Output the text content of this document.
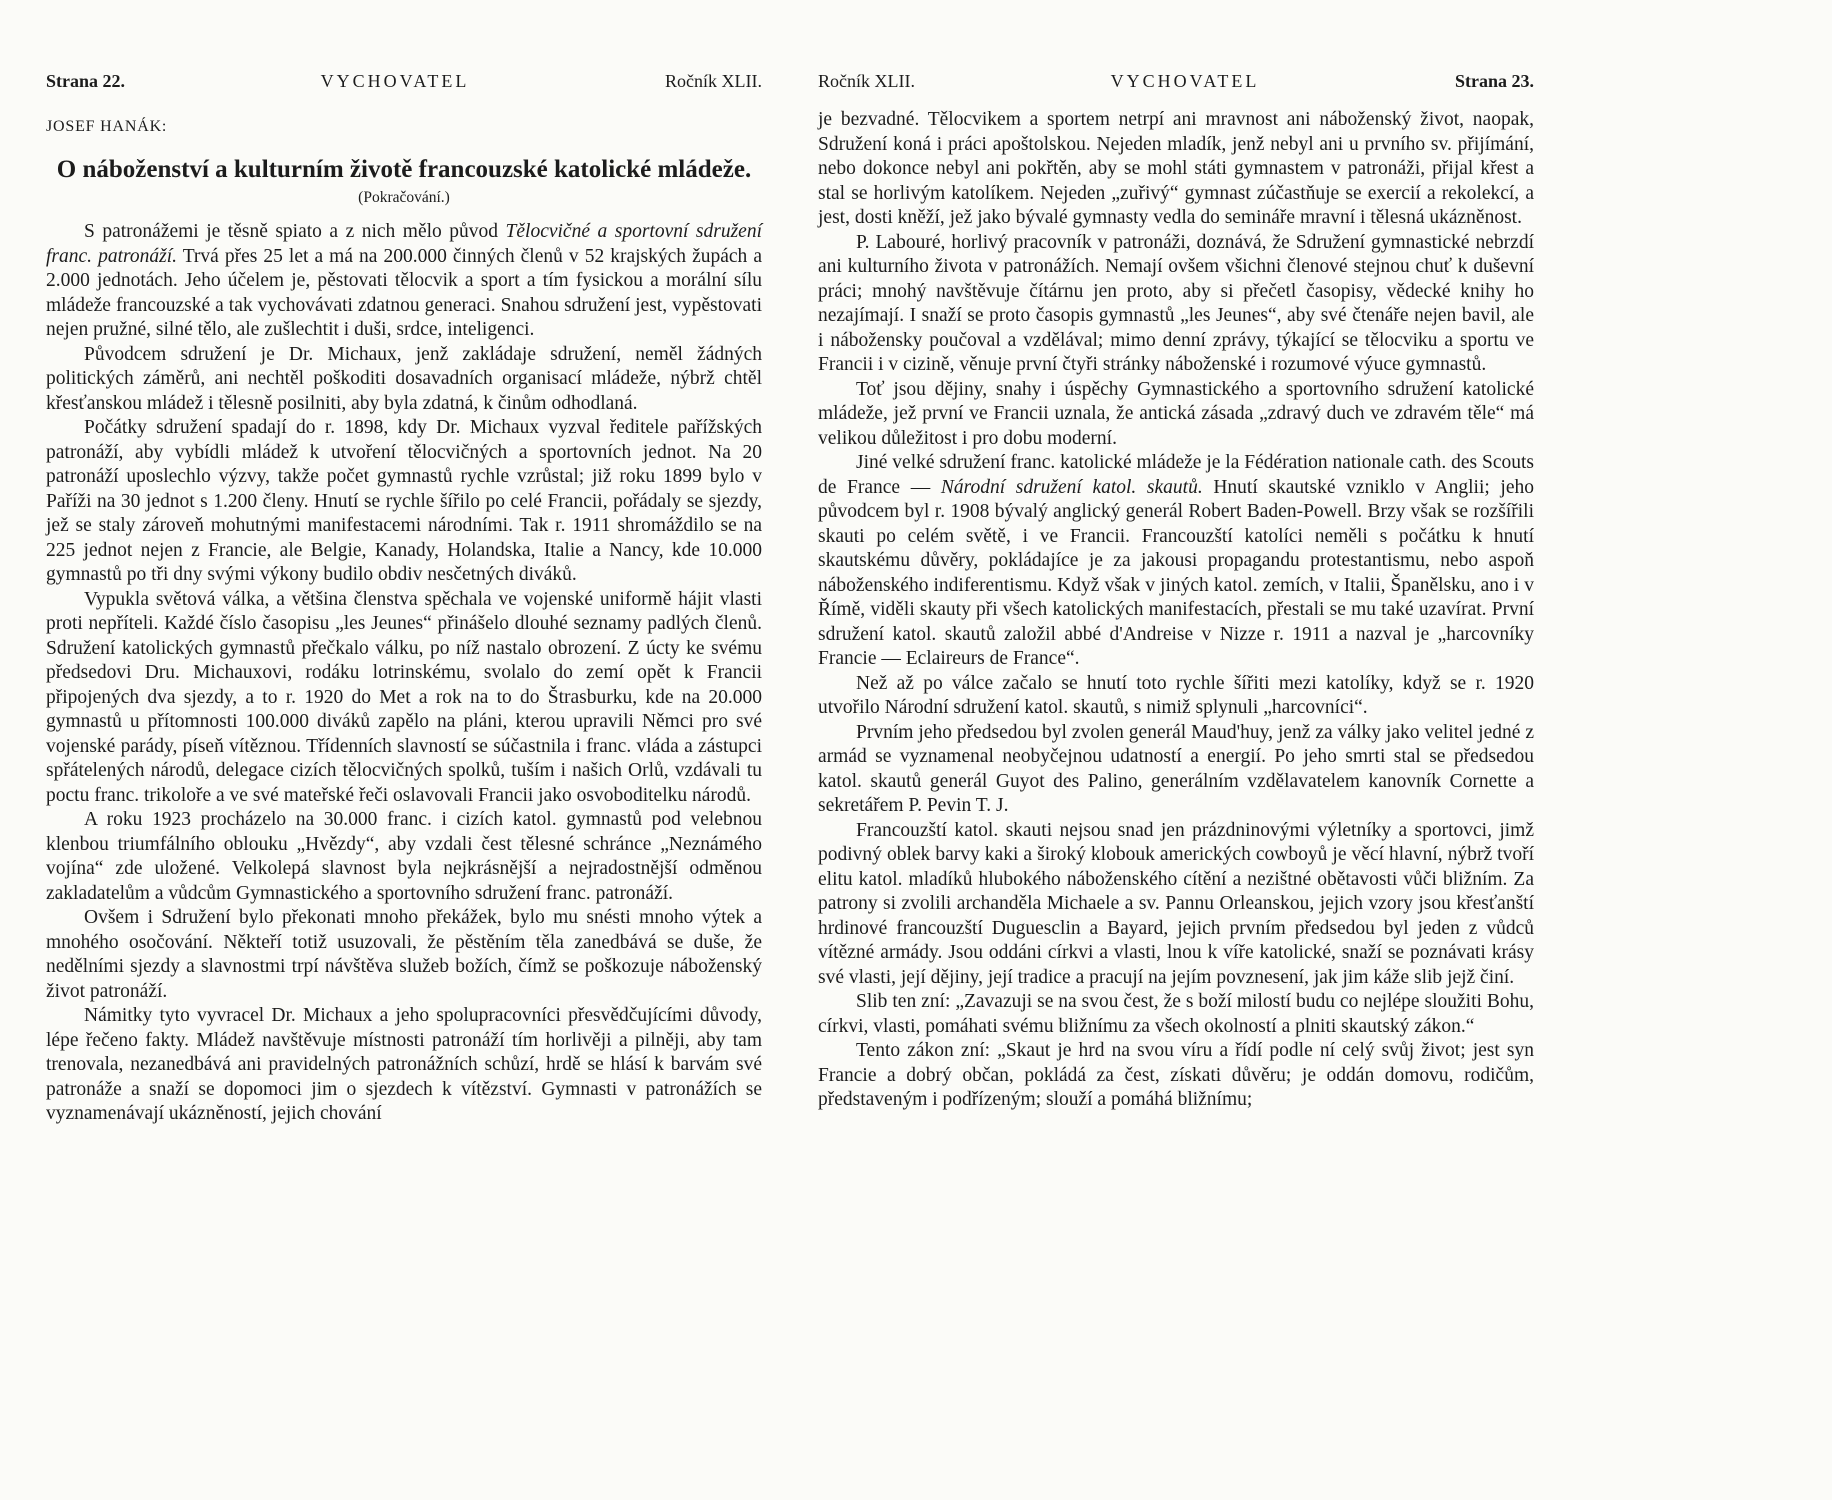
Strana 22.	VYCHOVATEL	Ročník XLII.
JOSEF HANÁK:
O náboženství a kulturním životě francouzské katolické mládeže.
(Pokračování.)

S patronážemi je těsně spiato a z nich mělo původ Tělocvičné a sportovní sdružení franc. patronáží. Trvá přes 25 let a má na 200.000 činných členů v 52 krajských župách a 2.000 jednotách. Jeho účelem je, pěstovati tělocvik a sport a tím fysickou a morální sílu mládeže francouzské a tak vychovávati zdatnou generaci. Snahou sdružení jest, vypěstovati nejen pružné, silné tělo, ale zušlechtit i duši, srdce, inteligenci.

Původcem sdružení je Dr. Michaux, jenž zakládaje sdružení, neměl žádných politických záměrů, ani nechtěl poškoditi dosavadních organisací mládeže, nýbrž chtěl křesťanskou mládež i tělesně posilniti, aby byla zdatná, k činům odhodlaná.

Počátky sdružení spadají do r. 1898, kdy Dr. Michaux vyzval ředitele pařížských patronáží, aby vybídli mládež k utvoření tělocvičných a sportovních jednot. Na 20 patronáží uposlechlo výzvy, takže počet gymnastů rychle vzrůstal; již roku 1899 bylo v Paříži na 30 jednot s 1.200 členy. Hnutí se rychle šířilo po celé Francii, pořádaly se sjezdy, jež se staly zároveň mohutnými manifestacemi národními. Tak r. 1911 shromáždilo se na 225 jednot nejen z Francie, ale Belgie, Kanady, Holandska, Italie a Nancy, kde 10.000 gymnastů po tři dny svými výkony budilo obdiv nesčetných diváků.

Vypukla světová válka, a většina členstva spěchala ve vojenské uniformě hájit vlasti proti nepříteli. Každé číslo časopisu „les Jeunes“ přinášelo dlouhé seznamy padlých členů. Sdružení katolických gymnastů přečkalo válku, po níž nastalo obrození. Z úcty ke svému předsedovi Dru. Michauxovi, rodáku lotrinskému, svolalo do zemí opět k Francii připojených dva sjezdy, a to r. 1920 do Met a rok na to do Štrasburku, kde na 20.000 gymnastů u přítomnosti 100.000 diváků zapělo na pláni, kterou upravili Němci pro své vojenské parády, píseň vítěznou. Třídenních slavností se súčastnila i franc. vláda a zástupci spřátelených národů, delegace cizích tělocvičných spolků, tuším i našich Orlů, vzdávali tu poctu franc. trikoloře a ve své mateřské řeči oslavovali Francii jako osvoboditelku národů.

A roku 1923 procházelo na 30.000 franc. i cizích katol. gymnastů pod velebnou klenbou triumfálního oblouku „Hvězdy“, aby vzdali čest tělesné schránce „Neznámého vojína“ zde uložené. Velkolepá slavnost byla nejkrásnější a nejradostnější odměnou zakladatelům a vůdcům Gymnastického a sportovního sdružení franc. patronáží.

Ovšem i Sdružení bylo překonati mnoho překážek, bylo mu snésti mnoho výtek a mnohého osočování. Někteří totiž usuzovali, že pěstěním těla zanedbává se duše, že nedělními sjezdy a slavnostmi trpí návštěva služeb božích, čímž se poškozuje náboženský život patronáží.

Námitky tyto vyvracel Dr. Michaux a jeho spolupracovníci přesvědčujícími důvody, lépe řečeno fakty. Mládež navštěvuje místnosti patronáží tím horlivěji a pilněji, aby tam trenovala, nezanedbává ani pravidelných patronážních schůzí, hrdě se hlásí k barvám své patronáže a snaží se dopomoci jim o sjezdech k vítězství. Gymnasti v patronážích se vyznamenávají ukázněností, jejich chování

Ročník XLII.	VYCHOVATEL	Strana 23.

je bezvadné. Tělocvikem a sportem netrpí ani mravnost ani náboženský život, naopak, Sdružení koná i práci apoštolskou. Nejeden mladík, jenž nebyl ani u prvního sv. přijímání, nebo dokonce nebyl ani pokřtěn, aby se mohl státi gymnastem v patronáži, přijal křest a stal se horlivým katolíkem. Nejeden „zuřivý“ gymnast zúčastňuje se exercií a rekolekcí, a jest, dosti kněží, jež jako bývalé gymnasty vedla do semináře mravní i tělesná ukázněnost.

P. Labouré, horlivý pracovník v patronáži, doznává, že Sdružení gymnastické nebrzdí ani kulturního života v patronážích. Nemají ovšem všichni členové stejnou chuť k duševní práci; mnohý navštěvuje čítárnu jen proto, aby si přečetl časopisy, vědecké knihy ho nezajímají. I snaží se proto časopis gymnastů „les Jeunes“, aby své čtenáře nejen bavil, ale i nábožensky poučoval a vzdělával; mimo denní zprávy, týkající se tělocviku a sportu ve Francii i v cizině, věnuje první čtyři stránky náboženské i rozumové výuce gymnastů.

Toť jsou dějiny, snahy i úspěchy Gymnastického a sportovního sdružení katolické mládeže, jež první ve Francii uznala, že antická zásada „zdravý duch ve zdravém těle“ má velikou důležitost i pro dobu moderní.

Jiné velké sdružení franc. katolické mládeže je la Fédération nationale cath. des Scouts de France — Národní sdružení katol. skautů. Hnutí skautské vzniklo v Anglii; jeho původcem byl r. 1908 bývalý anglický generál Robert Baden-Powell. Brzy však se rozšířili skauti po celém světě, i ve Francii. Francouzští katolíci neměli s počátku k hnutí skautskému důvěry, pokládajíce je za jakousi propagandu protestantismu, nebo aspoň náboženského indiferentismu. Když však v jiných katol. zemích, v Italii, Španělsku, ano i v Římě, viděli skauty při všech katolických manifestacích, přestali se mu také uzavírat. První sdružení katol. skautů založil abbé d'Andreise v Nizze r. 1911 a nazval je „harcovníky Francie — Eclaireurs de France“.

Než až po válce začalo se hnutí toto rychle šířiti mezi katolíky, když se r. 1920 utvořilo Národní sdružení katol. skautů, s nimiž splynuli „harcovníci“.

Prvním jeho předsedou byl zvolen generál Maud'huy, jenž za války jako velitel jedné z armád se vyznamenal neobyčejnou udatností a energií. Po jeho smrti stal se předsedou katol. skautů generál Guyot des Palino, generálním vzdělavatelem kanovník Cornette a sekretářem P. Pevin T. J.

Francouzští katol. skauti nejsou snad jen prázdninovými výletníky a sportovci, jimž podivný oblek barvy kaki a široký klobouk amerických cowboyů je věcí hlavní, nýbrž tvoří elitu katol. mladíků hlubokého náboženského cítění a nezištné obětavosti vůči bližním. Za patrony si zvolili archanděla Michaele a sv. Pannu Orleanskou, jejich vzory jsou křesťanští hrdinové francouzští Duguesclin a Bayard, jejich prvním předsedou byl jeden z vůdců vítězné armády. Jsou oddáni církvi a vlasti, lnou k víře katolické, snaží se poznávati krásy své vlasti, její dějiny, její tradice a pracují na jejím povznesení, jak jim káže slib jejž činí.

Slib ten zní: „Zavazuji se na svou čest, že s boží milostí budu co nejlépe sloužiti Bohu, církvi, vlasti, pomáhati svému bližnímu za všech okolností a plniti skautský zákon.“

Tento zákon zní: „Skaut je hrd na svou víru a řídí podle ní celý svůj život; jest syn Francie a dobrý občan, pokládá za čest, získati důvěru; je oddán domovu, rodičům, představeným i podřízeným; slouží a pomáhá bližnímu;
